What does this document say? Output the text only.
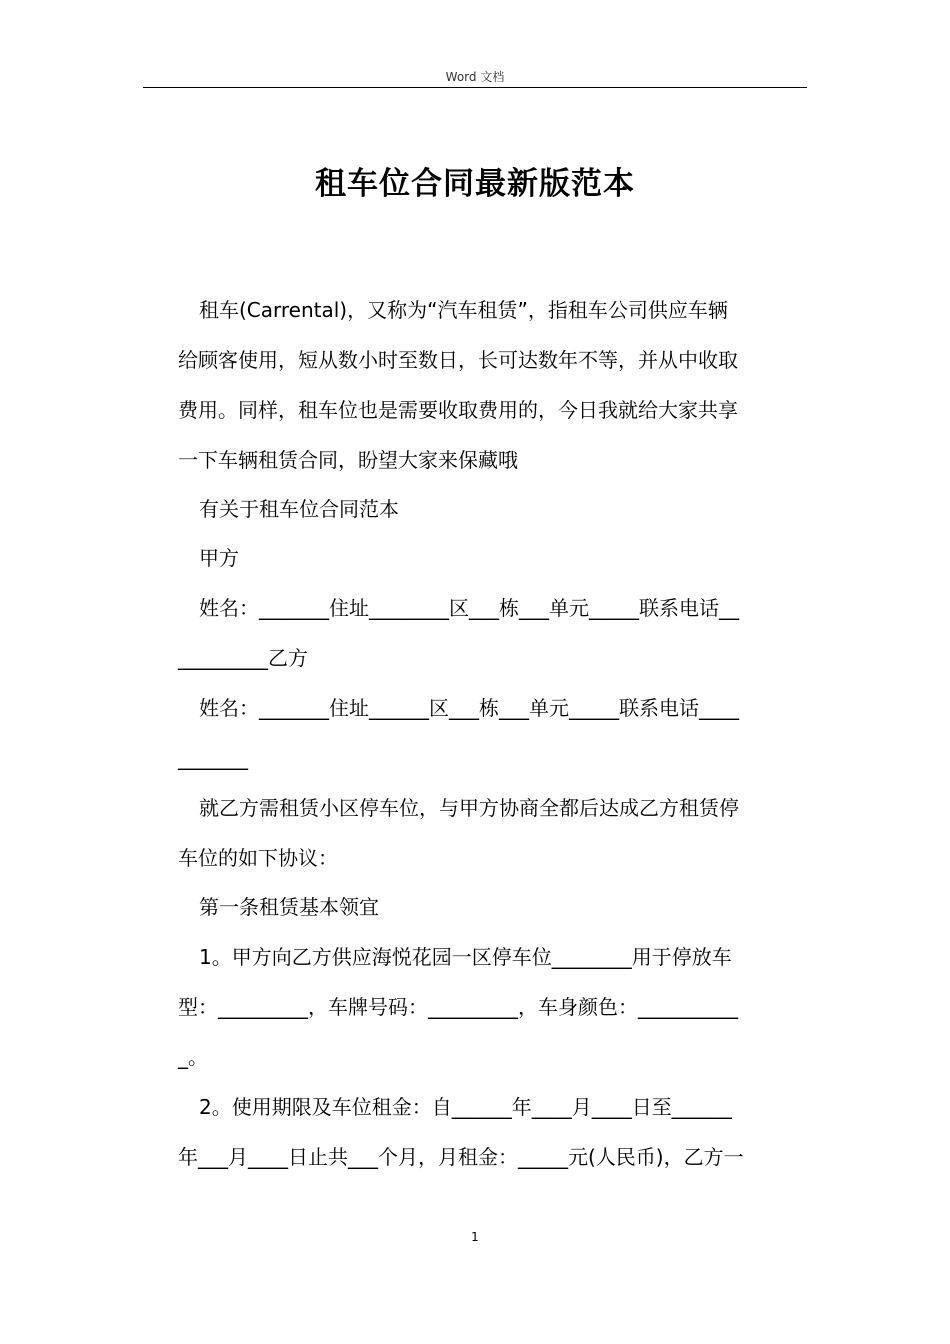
Word 文档
租车位合同最新版范本
租车(Carrental)，又称为“汽车租赁”，指租车公司供应车辆
给顾客使用，短从数小时至数日，长可达数年不等，并从中收取
费用。同样，租车位也是需要收取费用的，今日我就给大家共享
一下车辆租赁合同，盼望大家来保藏哦
有关于租车位合同范本
甲方
姓名：_______住址________区___栋___单元_____联系电话__
_________乙方
姓名：_______住址______区___栋___单元_____联系电话____
_______
就乙方需租赁小区停车位，与甲方协商全都后达成乙方租赁停
车位的如下协议：
第一条租赁基本领宜
1。甲方向乙方供应海悦花园一区停车位________用于停放车
型：_________，车牌号码：_________，车身颜色：__________
_。
2。使用期限及车位租金：自______年____月____日至______
年___月____日止共___个月，月租金：_____元(人民币)，乙方一
1
